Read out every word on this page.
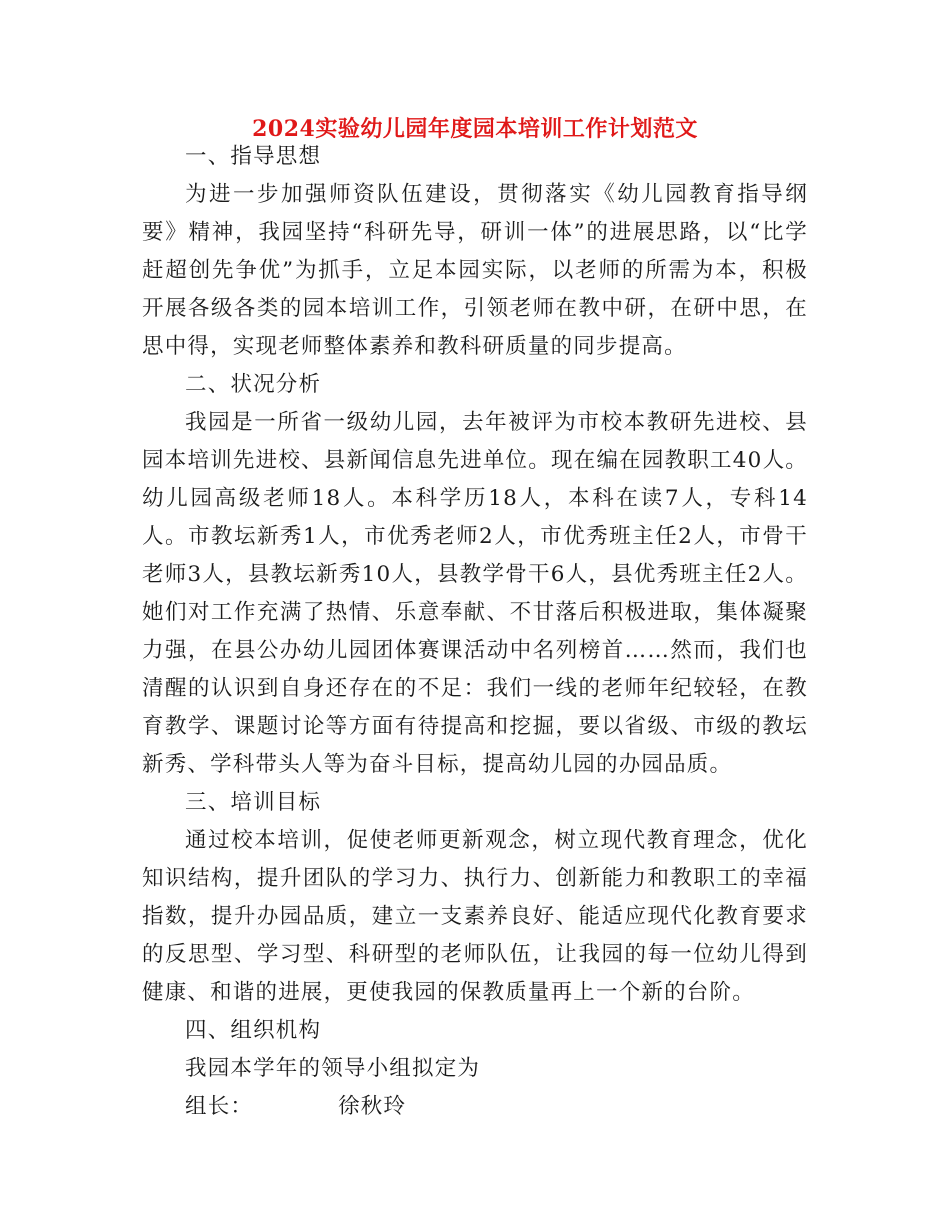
2024实验幼儿园年度园本培训工作计划范文

一、指导思想

为进一步加强师资队伍建设，贯彻落实《幼儿园教育指导纲要》精神，我园坚持“科研先导，研训一体”的进展思路，以“比学赶超创先争优”为抓手，立足本园实际，以老师的所需为本，积极开展各级各类的园本培训工作，引领老师在教中研，在研中思，在思中得，实现老师整体素养和教科研质量的同步提高。

二、状况分析

我园是一所省一级幼儿园，去年被评为市校本教研先进校、县园本培训先进校、县新闻信息先进单位。现在编在园教职工40人。幼儿园高级老师18人。本科学历18人，本科在读7人，专科14人。市教坛新秀1人，市优秀老师2人，市优秀班主任2人，市骨干老师3人，县教坛新秀10人，县教学骨干6人，县优秀班主任2人。她们对工作充满了热情、乐意奉献、不甘落后积极进取，集体凝聚力强，在县公办幼儿园团体赛课活动中名列榜首……然而，我们也清醒的认识到自身还存在的不足：我们一线的老师年纪较轻，在教育教学、课题讨论等方面有待提高和挖掘，要以省级、市级的教坛新秀、学科带头人等为奋斗目标，提高幼儿园的办园品质。

三、培训目标

通过校本培训，促使老师更新观念，树立现代教育理念，优化知识结构，提升团队的学习力、执行力、创新能力和教职工的幸福指数，提升办园品质，建立一支素养良好、能适应现代化教育要求的反思型、学习型、科研型的老师队伍，让我园的每一位幼儿得到健康、和谐的进展，更使我园的保教质量再上一个新的台阶。

四、组织机构

我园本学年的领导小组拟定为

组长：	徐秋玲
